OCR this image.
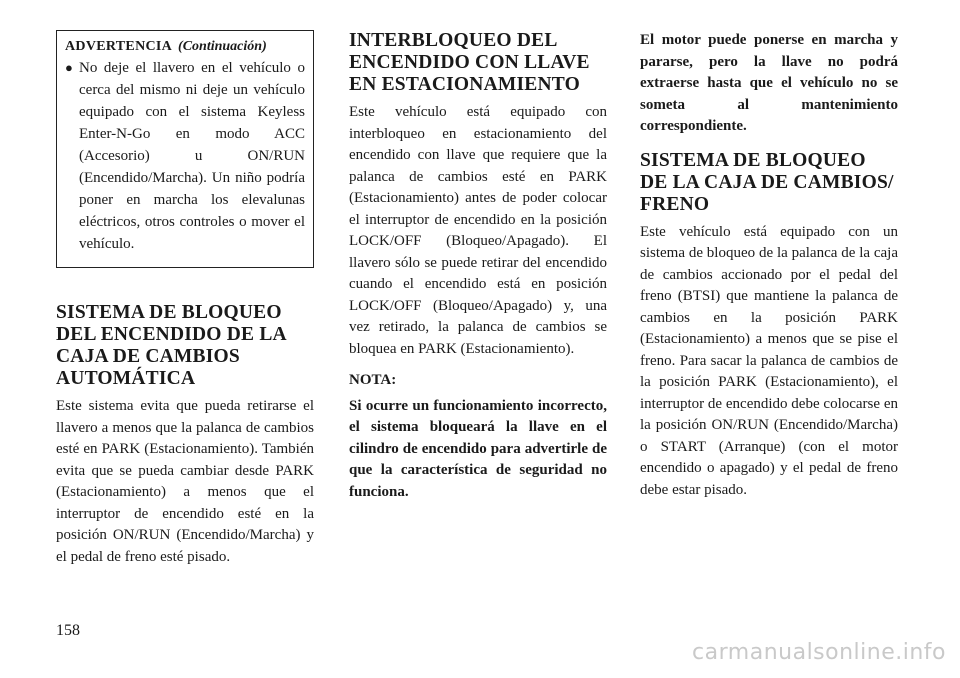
ADVERTENCIA (Continuación)
● No deje el llavero en el vehículo o cerca del mismo ni deje un vehículo equipado con el sistema Keyless Enter-N-Go en modo ACC (Accesorio) u ON/RUN (Encendido/Marcha). Un niño podría poner en marcha los elevalunas eléctricos, otros controles o mover el vehículo.
SISTEMA DE BLOQUEO DEL ENCENDIDO DE LA CAJA DE CAMBIOS AUTOMÁTICA

Este sistema evita que pueda retirarse el llavero a menos que la palanca de cambios esté en PARK (Estacionamiento). También evita que se pueda cambiar desde PARK (Estacionamiento) a menos que el interruptor de encendido esté en la posición ON/RUN (Encendido/Marcha) y el pedal de freno esté pisado.

INTERBLOQUEO DEL ENCENDIDO CON LLAVE EN ESTACIONAMIENTO

Este vehículo está equipado con interbloqueo en estacionamiento del encendido con llave que requiere que la palanca de cambios esté en PARK (Estacionamiento) antes de poder colocar el interruptor de encendido en la posición LOCK/OFF (Bloqueo/Apagado). El llavero sólo se puede retirar del encendido cuando el encendido está en posición LOCK/OFF (Bloqueo/Apagado) y, una vez retirado, la palanca de cambios se bloquea en PARK (Estacionamiento).

NOTA:

Si ocurre un funcionamiento incorrecto, el sistema bloqueará la llave en el cilindro de encendido para advertirle de que la característica de seguridad no funciona.

El motor puede ponerse en marcha y pararse, pero la llave no podrá extraerse hasta que el vehículo no se someta al mantenimiento correspondiente.

SISTEMA DE BLOQUEO DE LA CAJA DE CAMBIOS/ FRENO

Este vehículo está equipado con un sistema de bloqueo de la palanca de la caja de cambios accionado por el pedal del freno (BTSI) que mantiene la palanca de cambios en la posición PARK (Estacionamiento) a menos que se pise el freno. Para sacar la palanca de cambios de la posición PARK (Estacionamiento), el interruptor de encendido debe colocarse en la posición ON/RUN (Encendido/Marcha) o START (Arranque) (con el motor encendido o apagado) y el pedal de freno debe estar pisado.

158
carmanualsonline.info
